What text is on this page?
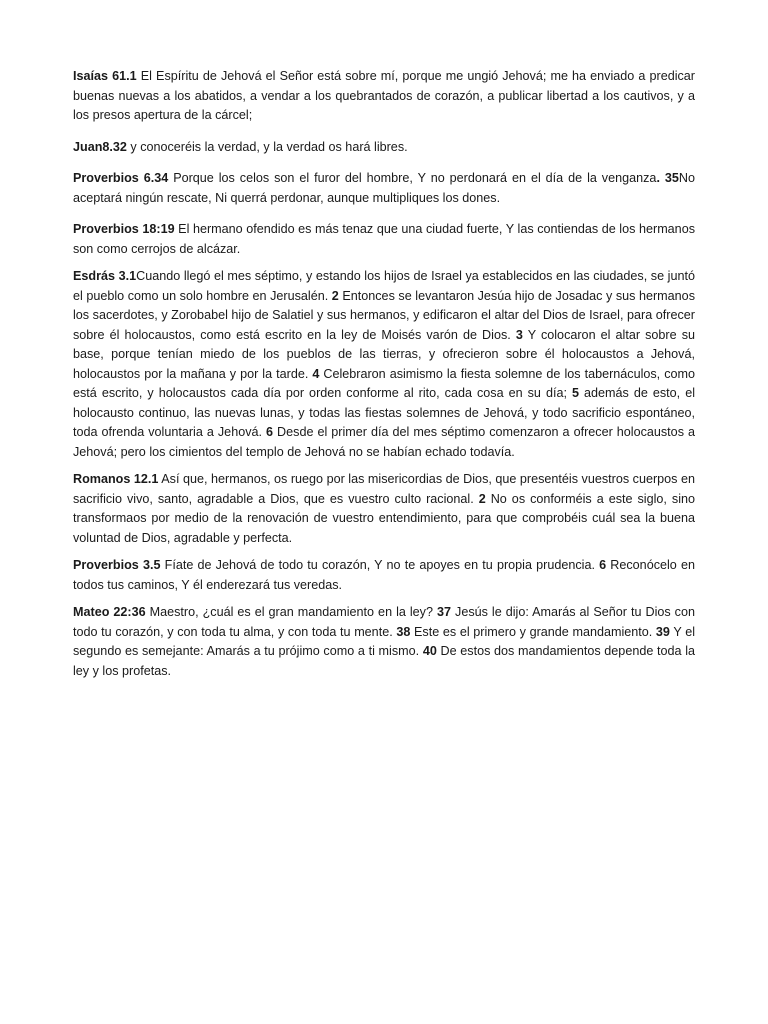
Isaías 61.1 El Espíritu de Jehová el Señor está sobre mí, porque me ungió Jehová; me ha enviado a predicar buenas nuevas a los abatidos, a vendar a los quebrantados de corazón, a publicar libertad a los cautivos, y a los presos apertura de la cárcel;

Juan8.32 y conoceréis la verdad, y la verdad os hará libres.

Proverbios 6.34 Porque los celos son el furor del hombre, Y no perdonará en el día de la venganza. 35No aceptará ningún rescate, Ni querrá perdonar, aunque multipliques los dones.

Proverbios 18:19 El hermano ofendido es más tenaz que una ciudad fuerte, Y las contiendas de los hermanos son como cerrojos de alcázar.

Esdrás 3.1Cuando llegó el mes séptimo, y estando los hijos de Israel ya establecidos en las ciudades, se juntó el pueblo como un solo hombre en Jerusalén. 2 Entonces se levantaron Jesúa hijo de Josadac y sus hermanos los sacerdotes, y Zorobabel hijo de Salatiel y sus hermanos, y edificaron el altar del Dios de Israel, para ofrecer sobre él holocaustos, como está escrito en la ley de Moisés varón de Dios. 3 Y colocaron el altar sobre su base, porque tenían miedo de los pueblos de las tierras, y ofrecieron sobre él holocaustos a Jehová, holocaustos por la mañana y por la tarde. 4 Celebraron asimismo la fiesta solemne de los tabernáculos, como está escrito, y holocaustos cada día por orden conforme al rito, cada cosa en su día; 5 además de esto, el holocausto continuo, las nuevas lunas, y todas las fiestas solemnes de Jehová, y todo sacrificio espontáneo, toda ofrenda voluntaria a Jehová. 6 Desde el primer día del mes séptimo comenzaron a ofrecer holocaustos a Jehová; pero los cimientos del templo de Jehová no se habían echado todavía.

Romanos 12.1 Así que, hermanos, os ruego por las misericordias de Dios, que presentéis vuestros cuerpos en sacrificio vivo, santo, agradable a Dios, que es vuestro culto racional. 2 No os conforméis a este siglo, sino transformaos por medio de la renovación de vuestro entendimiento, para que comprobéis cuál sea la buena voluntad de Dios, agradable y perfecta.

Proverbios 3.5 Fíate de Jehová de todo tu corazón, Y no te apoyes en tu propia prudencia. 6 Reconócelo en todos tus caminos, Y él enderezará tus veredas.

Mateo 22:36 Maestro, ¿cuál es el gran mandamiento en la ley? 37 Jesús le dijo: Amarás al Señor tu Dios con todo tu corazón, y con toda tu alma, y con toda tu mente. 38 Este es el primero y grande mandamiento. 39 Y el segundo es semejante: Amarás a tu prójimo como a ti mismo. 40 De estos dos mandamientos depende toda la ley y los profetas.
